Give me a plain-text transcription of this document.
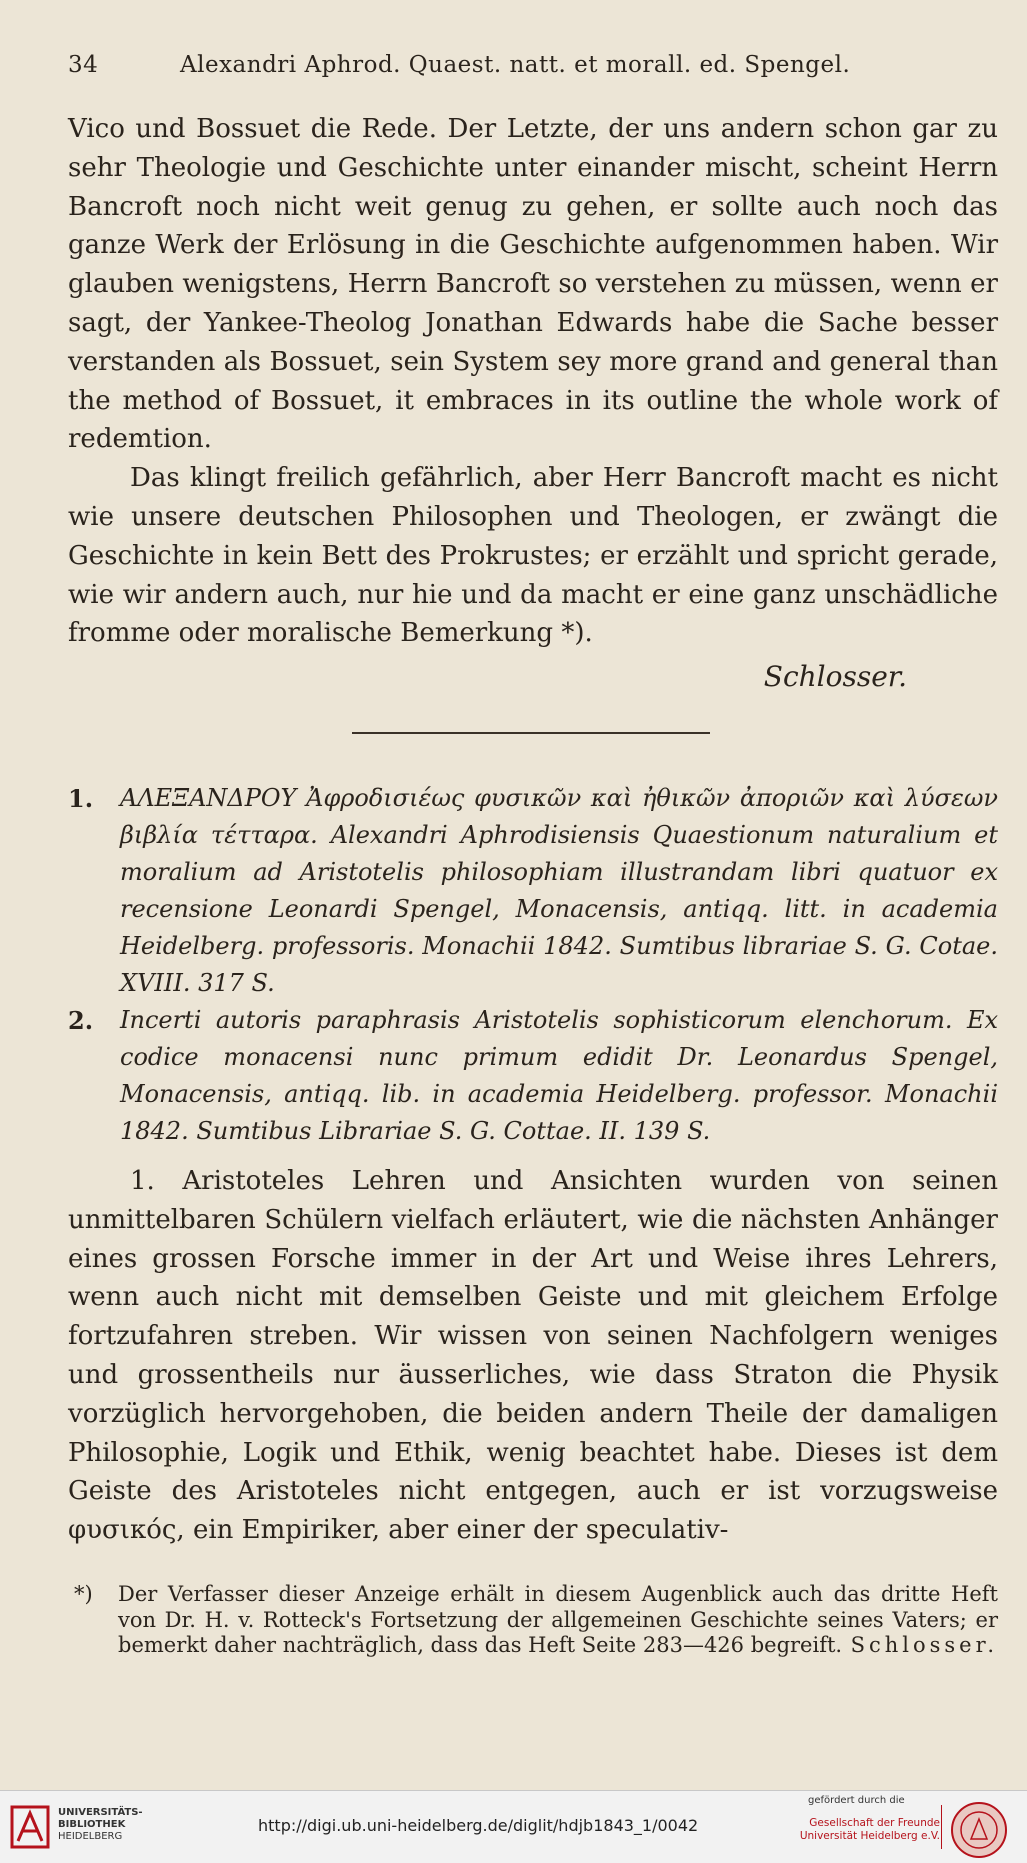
34	Alexandri Aphrod. Quaest. natt. et morall. ed. Spengel.

Vico und Bossuet die Rede. Der Letzte, der uns andern schon gar zu sehr Theologie und Geschichte unter einander mischt, scheint Herrn Bancroft noch nicht weit genug zu gehen, er sollte auch noch das ganze Werk der Erlösung in die Geschichte aufgenommen haben. Wir glauben wenigstens, Herrn Bancroft so verstehen zu müssen, wenn er sagt, der Yankee-Theolog Jonathan Edwards habe die Sache besser verstanden als Bossuet, sein System sey more grand and general than the method of Bossuet, it embraces in its outline the whole work of redemtion.

Das klingt freilich gefährlich, aber Herr Bancroft macht es nicht wie unsere deutschen Philosophen und Theologen, er zwängt die Geschichte in kein Bett des Prokrustes; er erzählt und spricht gerade, wie wir andern auch, nur hie und da macht er eine ganz unschädliche fromme oder moralische Bemerkung *).

Schlosser.
1. ΑΛΕΞΑΝΔΡΟΥ Ἀφροδισιέως φυσικῶν καὶ ἠθικῶν ἀποριῶν καὶ λύσεων βιβλία τέτταρα. Alexandri Aphrodisiensis Quaestionum naturalium et moralium ad Aristotelis philosophiam illustrandam libri quatuor ex recensione Leonardi Spengel, Monacensis, antiqq. litt. in academia Heidelberg. professoris. Monachii 1842. Sumtibus librariae S. G. Cotae. XVIII. 317 S.
2. Incerti autoris paraphrasis Aristotelis sophisticorum elenchorum. Ex codice monacensi nunc primum edidit Dr. Leonardus Spengel, Monacensis, antiqq. lib. in academia Heidelberg. professor. Monachii 1842. Sumtibus Librariae S. G. Cottae. II. 139 S.

1. Aristoteles Lehren und Ansichten wurden von seinen unmittelbaren Schülern vielfach erläutert, wie die nächsten Anhänger eines grossen Forsche immer in der Art und Weise ihres Lehrers, wenn auch nicht mit demselben Geiste und mit gleichem Erfolge fortzufahren streben. Wir wissen von seinen Nachfolgern weniges und grossentheils nur äusserliches, wie dass Straton die Physik vorzüglich hervorgehoben, die beiden andern Theile der damaligen Philosophie, Logik und Ethik, wenig beachtet habe. Dieses ist dem Geiste des Aristoteles nicht entgegen, auch er ist vorzugsweise φυσικός, ein Empiriker, aber einer der speculativ-

*) Der Verfasser dieser Anzeige erhält in diesem Augenblick auch das dritte Heft von Dr. H. v. Rotteck's Fortsetzung der allgemeinen Geschichte seines Vaters; er bemerkt daher nachträglich, dass das Heft Seite 283—426 begreift. Schlosser.
UNIVERSITÄTS-
BIBLIOTHEK
HEIDELBERG
http://digi.ub.uni-heidelberg.de/diglit/hdjb1843_1/0042
gefördert durch die
Gesellschaft der Freunde
Universität Heidelberg e.V.
